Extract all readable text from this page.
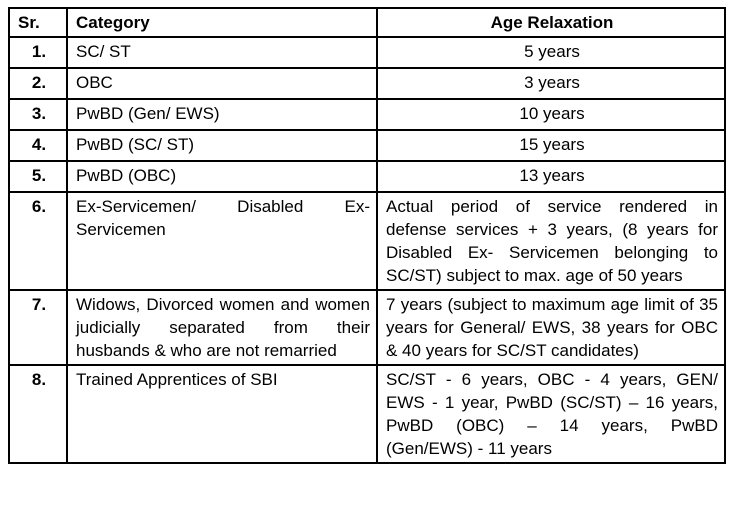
Sr.	Category	Age Relaxation
1.	SC/ ST	5 years
2.	OBC	3 years
3.	PwBD (Gen/ EWS)	10 years
4.	PwBD (SC/ ST)	15 years
5.	PwBD (OBC)	13 years
6.	Ex-Servicemen/ Disabled Ex-Servicemen	Actual period of service rendered in defense services + 3 years, (8 years for Disabled Ex- Servicemen belonging to SC/ST) subject to max. age of 50 years
7.	Widows, Divorced women and women judicially separated from their husbands & who are not remarried	7 years (subject to maximum age limit of 35 years for General/ EWS, 38 years for OBC & 40 years for SC/ST candidates)
8.	Trained Apprentices of SBI	SC/ST - 6 years, OBC - 4 years, GEN/ EWS - 1 year, PwBD (SC/ST) – 16 years, PwBD (OBC) – 14 years, PwBD (Gen/EWS) - 11 years
